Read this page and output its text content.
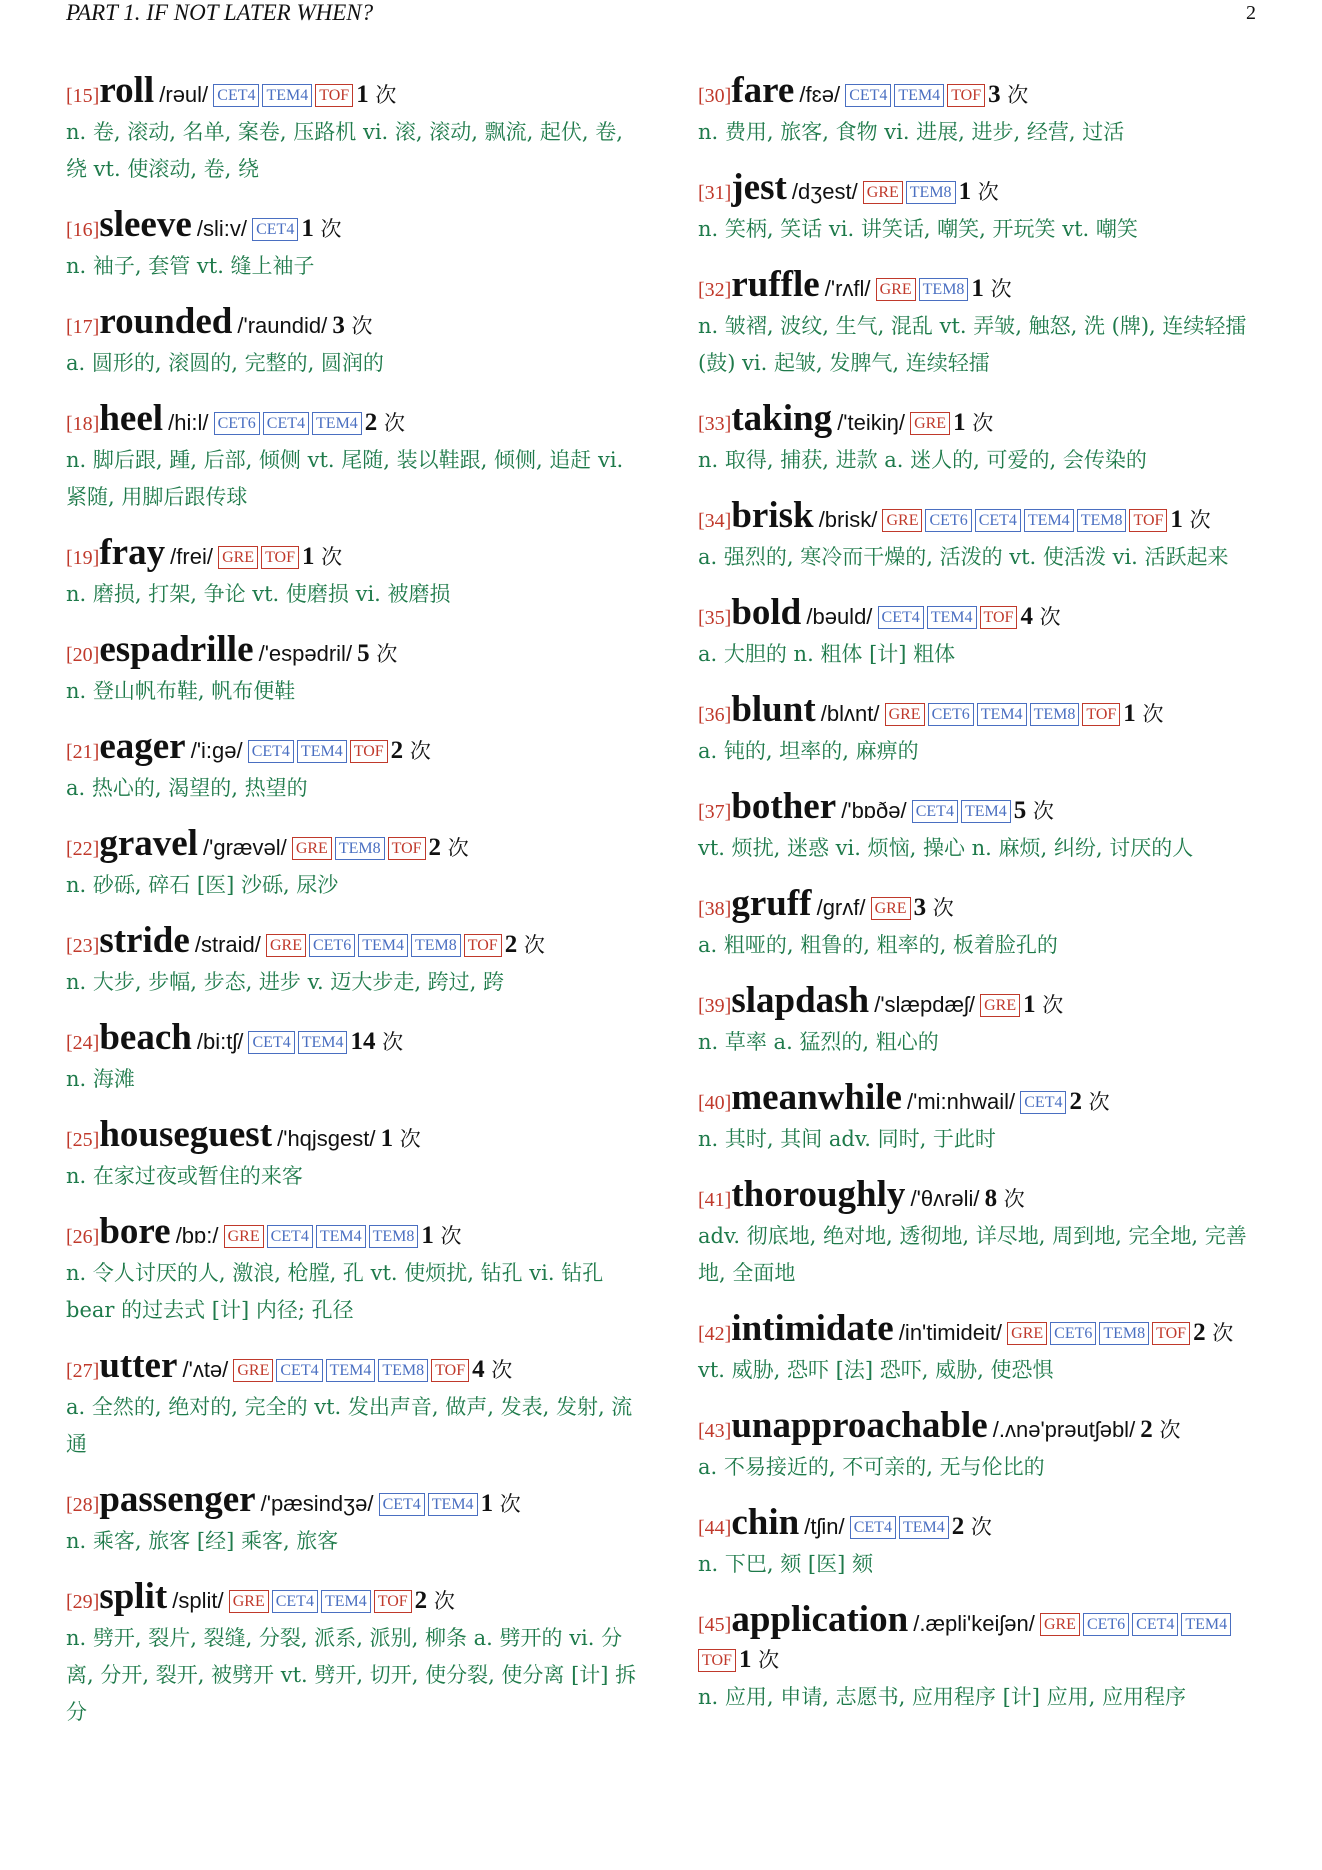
PART 1. IF NOT LATER WHEN?	2
[15]roll /rəul/ CET4 TEM4 TOF 1 次
n. 卷, 滚动, 名单, 案卷, 压路机 vi. 滚, 滚动, 飘流, 起伏, 卷, 绕 vt. 使滚动, 卷, 绕
[16]sleeve /sli:v/ CET4 1 次
n. 袖子, 套管 vt. 缝上袖子
[17]rounded /'raundid/ 3 次
a. 圆形的, 滚圆的, 完整的, 圆润的
[18]heel /hi:l/ CET6 CET4 TEM4 2 次
n. 脚后跟, 踵, 后部, 倾侧 vt. 尾随, 装以鞋跟, 倾侧, 追赶 vi. 紧随, 用脚后跟传球
[19]fray /frei/ GRE TOF 1 次
n. 磨损, 打架, 争论 vt. 使磨损 vi. 被磨损
[20]espadrille /'espədril/ 5 次
n. 登山帆布鞋, 帆布便鞋
[21]eager /'i:gə/ CET4 TEM4 TOF 2 次
a. 热心的, 渴望的, 热望的
[22]gravel /'grævəl/ GRE TEM8 TOF 2 次
n. 砂砾, 碎石 [医] 沙砾, 尿沙
[23]stride /straid/ GRE CET6 TEM4 TEM8 TOF 2 次
n. 大步, 步幅, 步态, 进步 v. 迈大步走, 跨过, 跨
[24]beach /bi:tʃ/ CET4 TEM4 14 次
n. 海滩
[25]houseguest /'hqjsgest/ 1 次
n. 在家过夜或暂住的来客
[26]bore /bɒ:/ GRE CET4 TEM4 TEM8 1 次
n. 令人讨厌的人, 激浪, 枪膛, 孔 vt. 使烦扰, 钻孔 vi. 钻孔 bear 的过去式 [计] 内径; 孔径
[27]utter /'ʌtə/ GRE CET4 TEM4 TEM8 TOF 4 次
a. 全然的, 绝对的, 完全的 vt. 发出声音, 做声, 发表, 发射, 流通
[28]passenger /'pæsindʒə/ CET4 TEM4 1 次
n. 乘客, 旅客 [经] 乘客, 旅客
[29]split /split/ GRE CET4 TEM4 TOF 2 次
n. 劈开, 裂片, 裂缝, 分裂, 派系, 派别, 柳条 a. 劈开的 vi. 分离, 分开, 裂开, 被劈开 vt. 劈开, 切开, 使分裂, 使分离 [计] 拆分
[30]fare /fɛə/ CET4 TEM4 TOF 3 次
n. 费用, 旅客, 食物 vi. 进展, 进步, 经营, 过活
[31]jest /dʒest/ GRE TEM8 1 次
n. 笑柄, 笑话 vi. 讲笑话, 嘲笑, 开玩笑 vt. 嘲笑
[32]ruffle /'rʌfl/ GRE TEM8 1 次
n. 皱褶, 波纹, 生气, 混乱 vt. 弄皱, 触怒, 洗 (牌), 连续轻擂 (鼓) vi. 起皱, 发脾气, 连续轻擂
[33]taking /'teikiŋ/ GRE 1 次
n. 取得, 捕获, 进款 a. 迷人的, 可爱的, 会传染的
[34]brisk /brisk/ GRE CET6 CET4 TEM4 TEM8 TOF 1 次
a. 强烈的, 寒冷而干燥的, 活泼的 vt. 使活泼 vi. 活跃起来
[35]bold /bəuld/ CET4 TEM4 TOF 4 次
a. 大胆的 n. 粗体 [计] 粗体
[36]blunt /blʌnt/ GRE CET6 TEM4 TEM8 TOF 1 次
a. 钝的, 坦率的, 麻痹的
[37]bother /'bɒðə/ CET4 TEM4 5 次
vt. 烦扰, 迷惑 vi. 烦恼, 操心 n. 麻烦, 纠纷, 讨厌的人
[38]gruff /grʌf/ GRE 3 次
a. 粗哑的, 粗鲁的, 粗率的, 板着脸孔的
[39]slapdash /'slæpdæʃ/ GRE 1 次
n. 草率 a. 猛烈的, 粗心的
[40]meanwhile /'mi:nhwail/ CET4 2 次
n. 其时, 其间 adv. 同时, 于此时
[41]thoroughly /'θʌrəli/ 8 次
adv. 彻底地, 绝对地, 透彻地, 详尽地, 周到地, 完全地, 完善地, 全面地
[42]intimidate /in'timideit/ GRE CET6 TEM8 TOF 2 次
vt. 威胁, 恐吓 [法] 恐吓, 威胁, 使恐惧
[43]unapproachable /.ʌnə'prəutʃəbl/ 2 次
a. 不易接近的, 不可亲的, 无与伦比的
[44]chin /tʃin/ CET4 TEM4 2 次
n. 下巴, 颏 [医] 颏
[45]application /.æpli'keiʃən/ GRE CET6 CET4 TEM4TOF 1 次
n. 应用, 申请, 志愿书, 应用程序 [计] 应用, 应用程序
